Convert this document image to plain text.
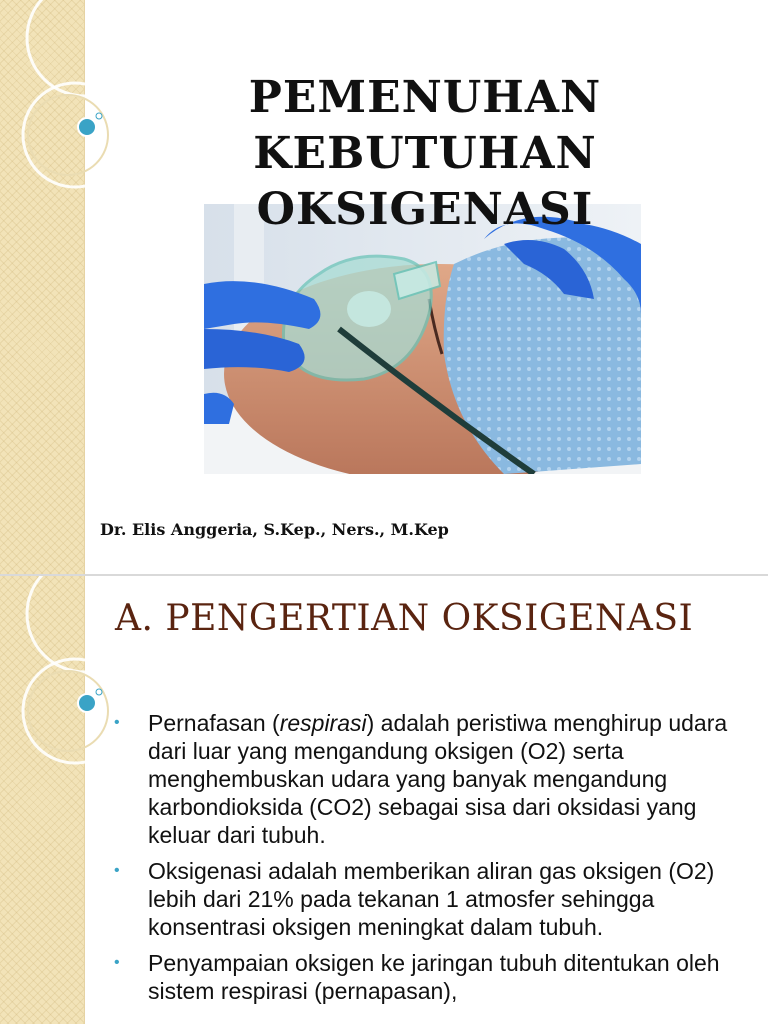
PEMENUHAN KEBUTUHAN OKSIGENASI

Dr. Elis Anggeria, S.Kep., Ners., M.Kep

A. PENGERTIAN OKSIGENASI
• Pernafasan (respirasi) adalah peristiwa menghirup udara dari luar yang mengandung oksigen (O2) serta menghembuskan udara yang banyak mengandung karbondioksida (CO2) sebagai sisa dari oksidasi yang keluar dari tubuh.
• Oksigenasi adalah memberikan aliran gas oksigen (O2) lebih dari 21% pada tekanan 1 atmosfer sehingga konsentrasi oksigen meningkat dalam tubuh.
• Penyampaian oksigen ke jaringan tubuh ditentukan oleh sistem respirasi (pernapasan),
